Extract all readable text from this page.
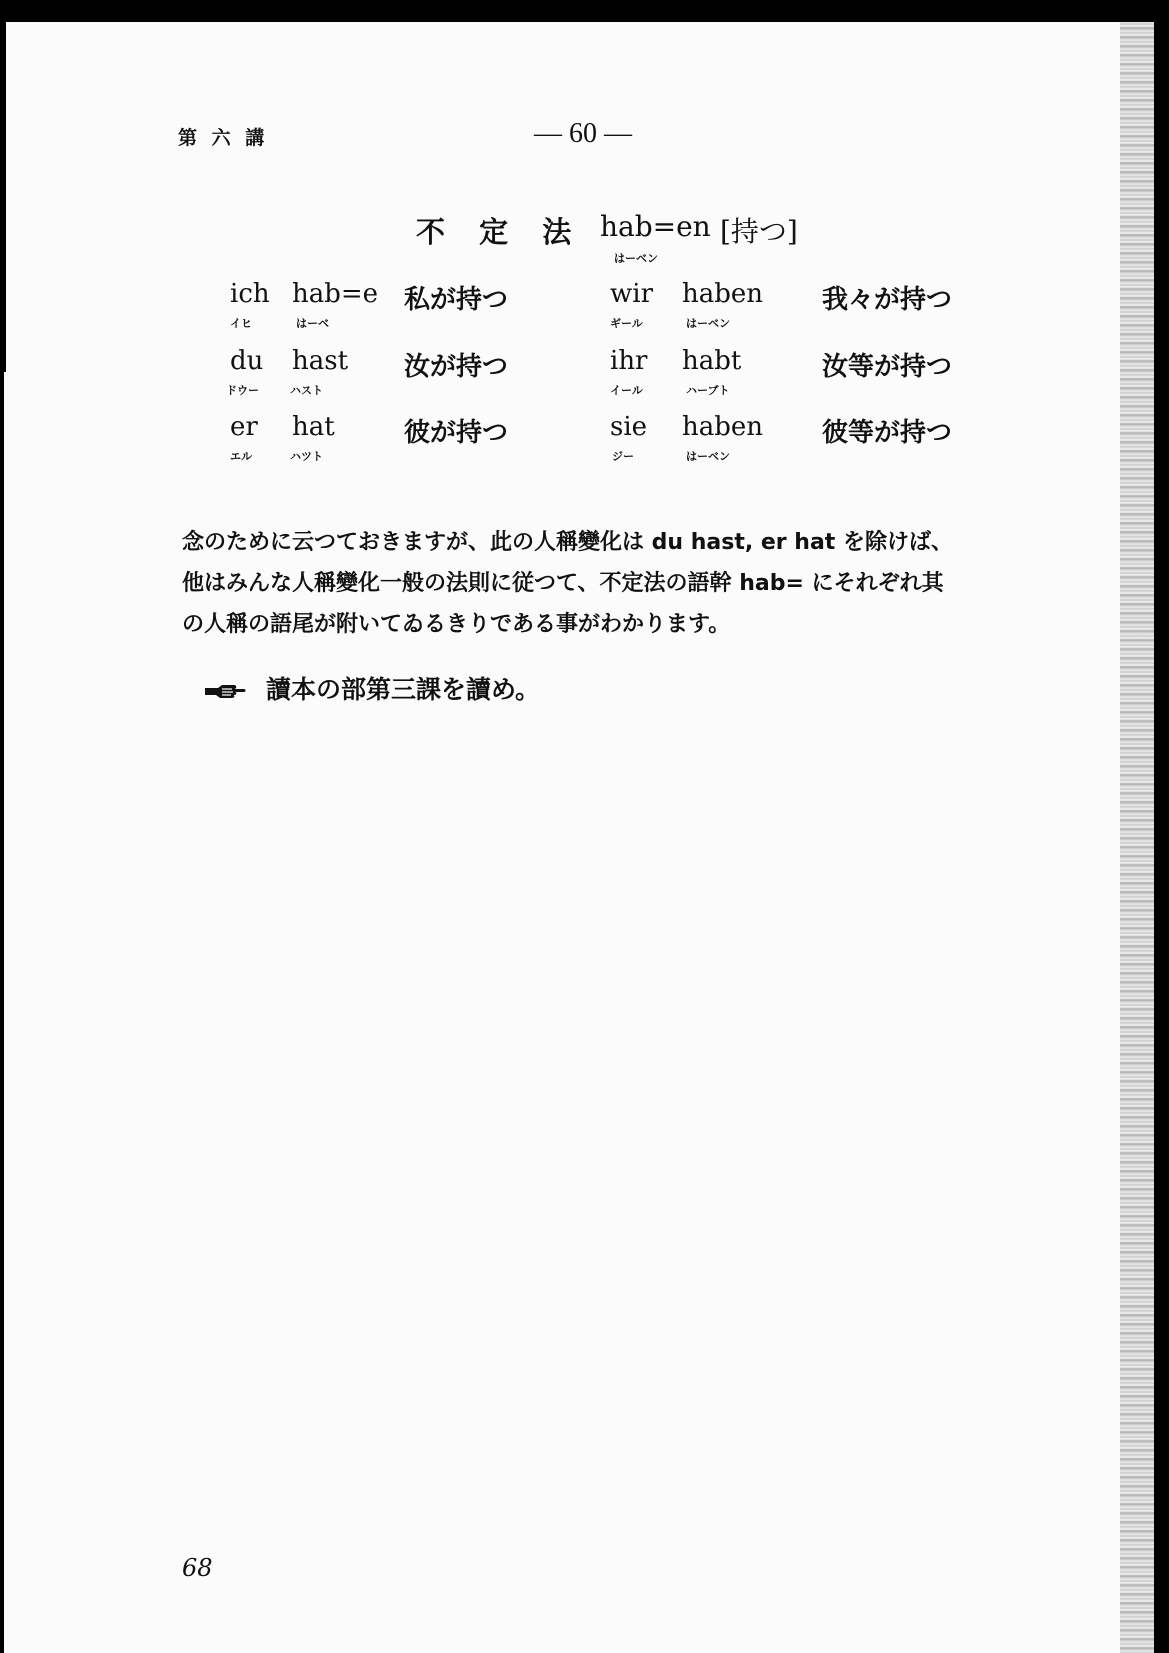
第 六 講	— 60 —
不 定 法 hab=en
はーベン
[持つ]
ich
イヒ
hab=e
はーベ
私が持つ
du
ドウー
hast
ハスト
汝が持つ
er
エル
hat
ハツト
彼が持つ
wir
ギール
haben
はーベン
我々が持つ
ihr
イール
habt
ハーブト
汝等が持つ
sie
ジー
haben
はーベン
彼等が持つ

念のために云つておきますが、此の人稱變化は du hast, er hat を除けば、

他はみんな人稱變化一般の法則に従つて、不定法の語幹 hab= にそれぞれ其

の人稱の語尾が附いてゐるきりである事がわかります。

讀本の部第三課を讀め。
68
